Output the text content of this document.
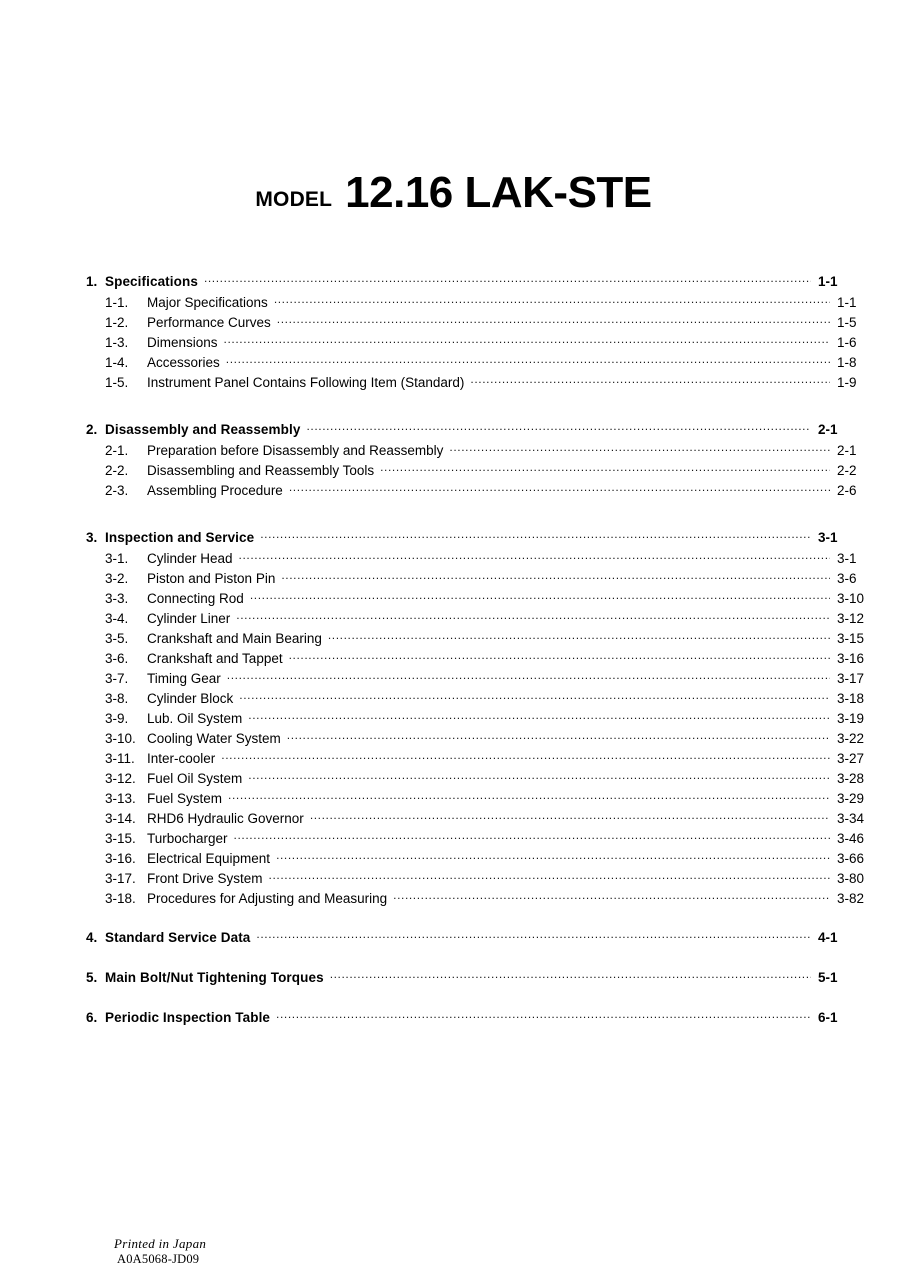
MODEL 12.16 LAK-STE
1. Specifications .....	1-1
1-1.	Major Specifications .....	1-1
1-2.	Performance Curves .....	1-5
1-3.	Dimensions .....	1-6
1-4.	Accessories .....	1-8
1-5.	Instrument Panel Contains Following Item (Standard) .....	1-9
2. Disassembly and Reassembly .....	2-1
2-1.	Preparation before Disassembly and Reassembly .....	2-1
2-2.	Disassembling and Reassembly Tools .....	2-2
2-3.	Assembling Procedure .....	2-6
3. Inspection and Service .....	3-1
3-1.	Cylinder Head .....	3-1
3-2.	Piston and Piston Pin .....	3-6
3-3.	Connecting Rod .....	3-10
3-4.	Cylinder Liner .....	3-12
3-5.	Crankshaft and Main Bearing .....	3-15
3-6.	Crankshaft and Tappet .....	3-16
3-7.	Timing Gear .....	3-17
3-8.	Cylinder Block .....	3-18
3-9.	Lub. Oil System .....	3-19
3-10. Cooling Water System .....	3-22
3-11. Inter-cooler .....	3-27
3-12. Fuel Oil System .....	3-28
3-13. Fuel System .....	3-29
3-14. RHD6 Hydraulic Governor .....	3-34
3-15. Turbocharger .....	3-46
3-16. Electrical Equipment .....	3-66
3-17. Front Drive System .....	3-80
3-18. Procedures for Adjusting and Measuring .....	3-82
4. Standard Service Data .....	4-1
5. Main Bolt/Nut Tightening Torques .....	5-1
6. Periodic Inspection Table .....	6-1
Printed in Japan
A0A5068-JD09
